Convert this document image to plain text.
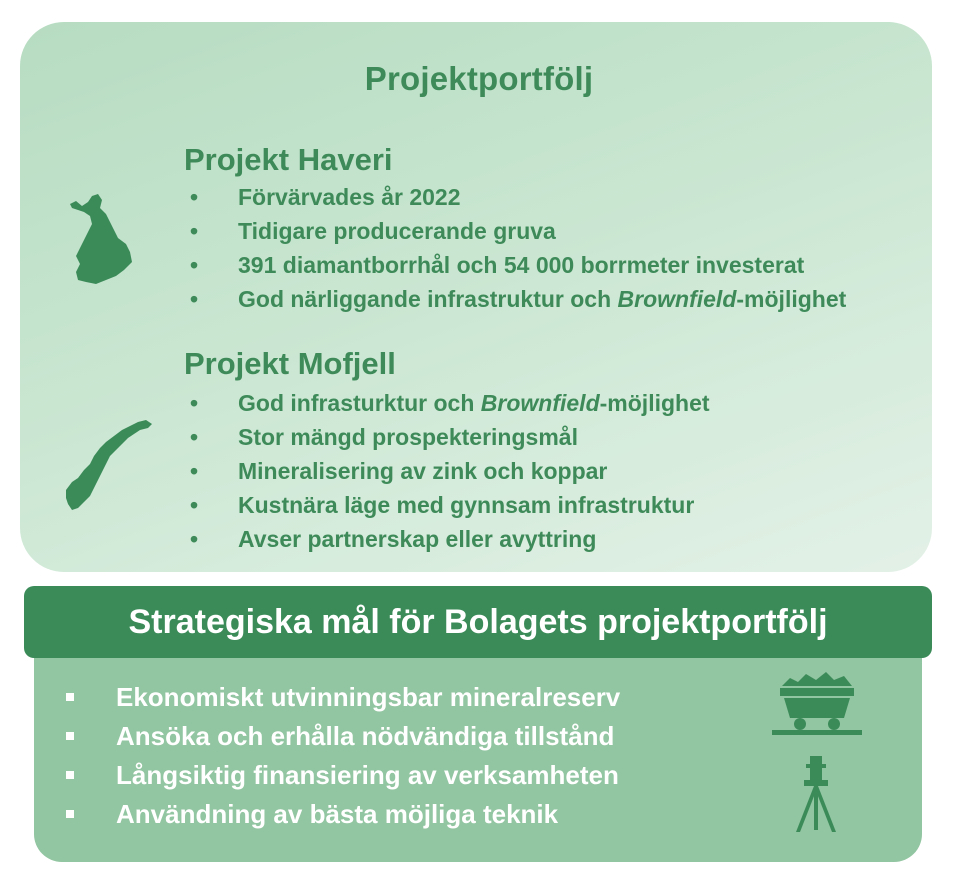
Projektportfölj
Projekt Haveri
• Förvärvades år 2022
• Tidigare producerande gruva
• 391 diamantborrhål och 54 000 borrmeter investerat
• God närliggande infrastruktur och Brownfield-möjlighet
Projekt Mofjell
• God infrasturktur och Brownfield-möjlighet
• Stor mängd prospekteringsmål
• Mineralisering av zink och koppar
• Kustnära läge med gynnsam infrastruktur
• Avser partnerskap eller avyttring
Ekonomiskt utvinningsbar mineralreserv
Ansöka och erhålla nödvändiga tillstånd
Långsiktig finansiering av verksamheten
Användning av bästa möjliga teknik
Strategiska mål för Bolagets projektportfölj
